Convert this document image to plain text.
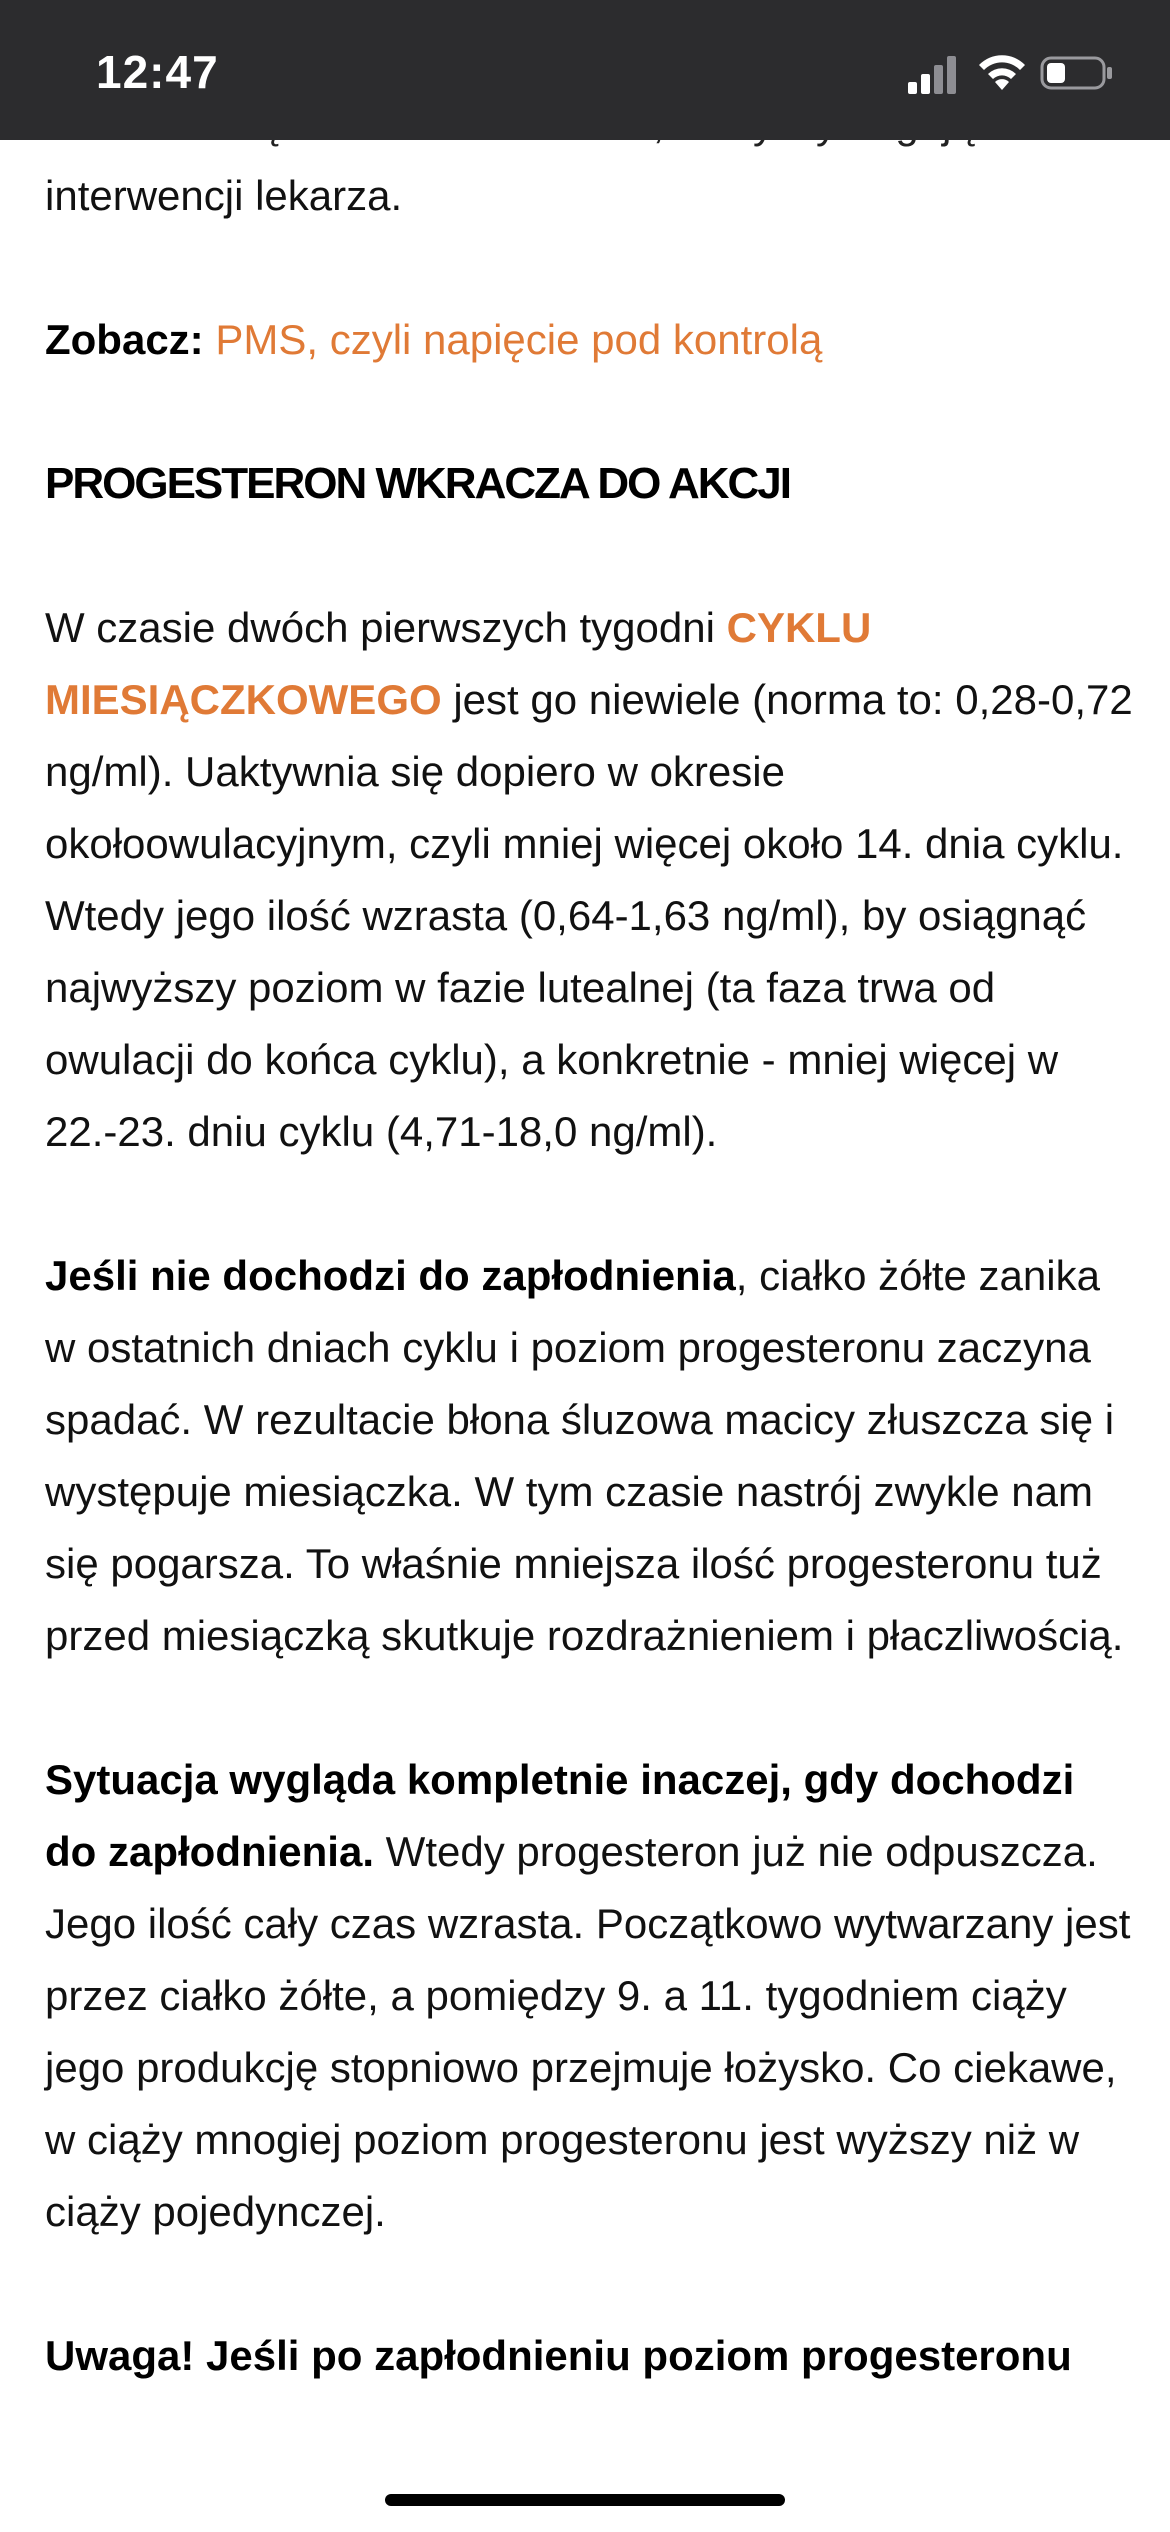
interwencji lekarza.

Zobacz: PMS, czyli napięcie pod kontrolą

PROGESTERON WKRACZA DO AKCJI

W czasie dwóch pierwszych tygodni CYKLU MIESIĄCZKOWEGO jest go niewiele (norma to: 0,28-0,72 ng/ml). Uaktywnia się dopiero w okresie okołoowulacyjnym, czyli mniej więcej około 14. dnia cyklu. Wtedy jego ilość wzrasta (0,64-1,63 ng/ml), by osiągnąć najwyższy poziom w fazie lutealnej (ta faza trwa od owulacji do końca cyklu), a konkretnie - mniej więcej w 22.-23. dniu cyklu (4,71-18,0 ng/ml).

Jeśli nie dochodzi do zapłodnienia, ciałko żółte zanika w ostatnich dniach cyklu i poziom progesteronu zaczyna spadać. W rezultacie błona śluzowa macicy złuszcza się i występuje miesiączka. W tym czasie nastrój zwykle nam się pogarsza. To właśnie mniejsza ilość progesteronu tuż przed miesiączką skutkuje rozdrażnieniem i płaczliwością.

Sytuacja wygląda kompletnie inaczej, gdy dochodzi do zapłodnienia. Wtedy progesteron już nie odpuszcza. Jego ilość cały czas wzrasta. Początkowo wytwarzany jest przez ciałko żółte, a pomiędzy 9. a 11. tygodniem ciąży jego produkcję stopniowo przejmuje łożysko. Co ciekawe, w ciąży mnogiej poziom progesteronu jest wyższy niż w ciąży pojedynczej.

Uwaga! Jeśli po zapłodnieniu poziom progesteronu

12:47
